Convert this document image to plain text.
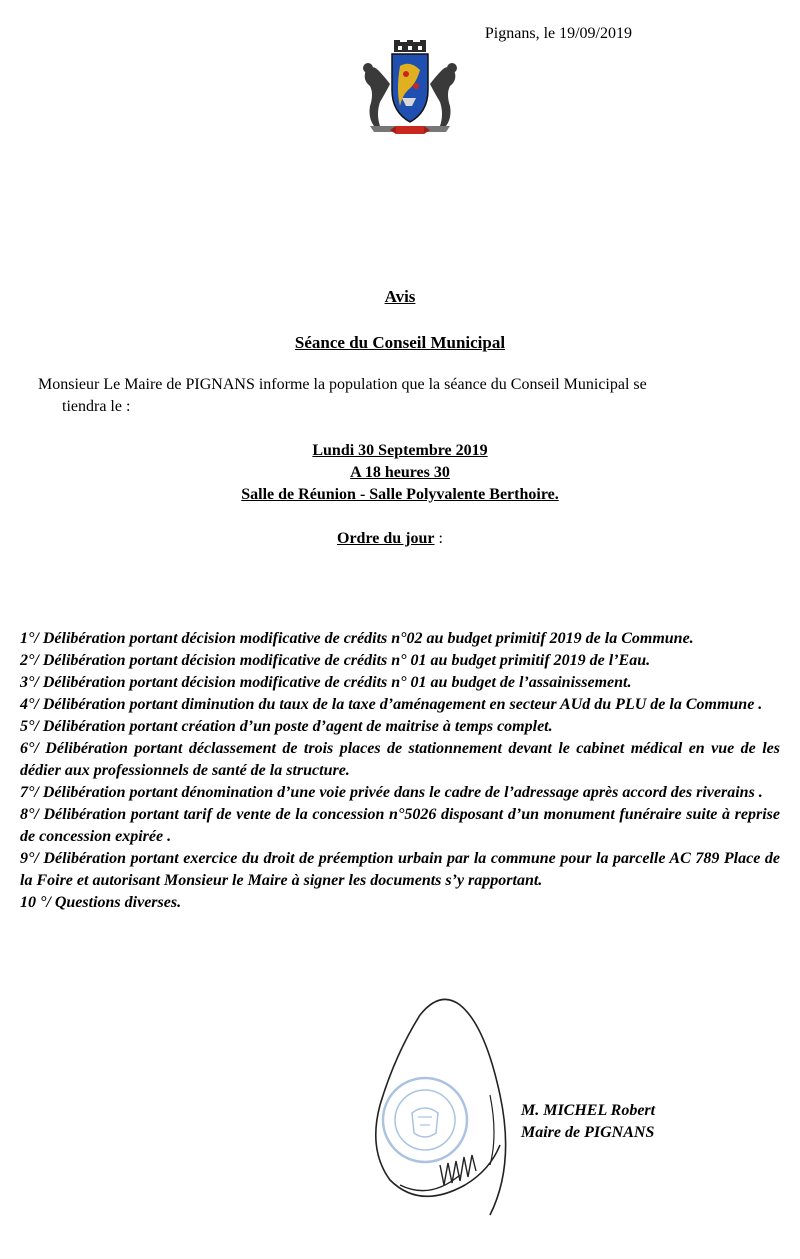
Pignans, le 19/09/2019
Avis
Séance du Conseil Municipal
Monsieur Le Maire de PIGNANS informe la population que la séance du Conseil Municipal se
tiendra le :
Lundi 30 Septembre 2019
A 18 heures 30
Salle de Réunion - Salle Polyvalente Berthoire.
Ordre du jour :
1°/ Délibération portant décision modificative de crédits n°02 au budget primitif 2019 de la Commune.
2°/ Délibération portant décision modificative de crédits n° 01 au budget primitif 2019 de l’Eau.
3°/ Délibération portant décision modificative de crédits n° 01 au budget de l’assainissement.
4°/ Délibération portant diminution du taux de la taxe d’aménagement en secteur AUd du PLU de la Commune .
5°/ Délibération portant création d’un poste d’agent de maitrise à temps complet.
6°/ Délibération portant déclassement de trois places de stationnement devant le cabinet médical en vue de les dédier aux professionnels de santé de la structure.
7°/ Délibération portant dénomination d’une voie privée dans le cadre de l’adressage après accord des riverains .
8°/ Délibération portant tarif de vente de la concession n°5026 disposant d’un monument funéraire suite à reprise de concession expirée .
9°/ Délibération portant exercice du droit de préemption urbain par la commune pour la parcelle AC 789 Place de la Foire et autorisant Monsieur le Maire à signer les documents s’y rapportant.
10 °/ Questions diverses.
M. MICHEL Robert
Maire de PIGNANS
